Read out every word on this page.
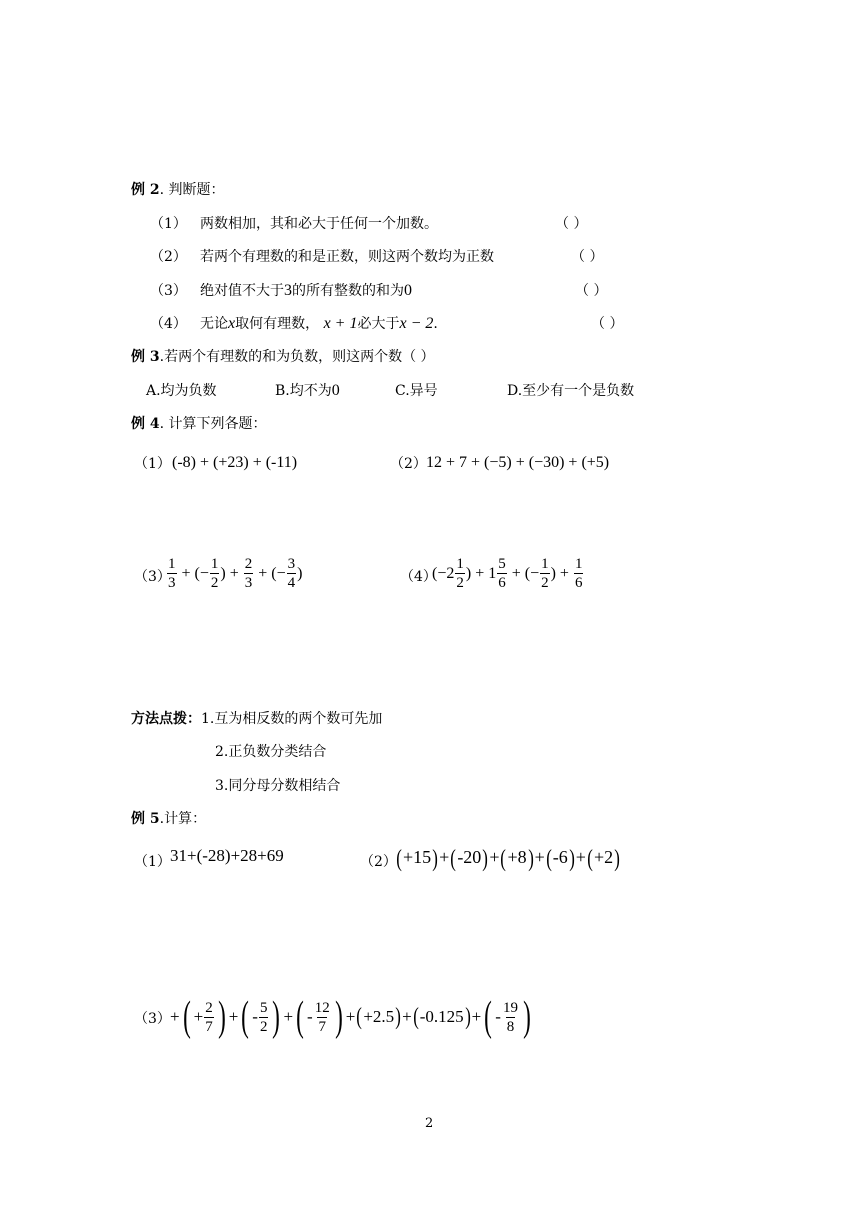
例 2. 判断题：
（1） 两数相加，其和必大于任何一个加数。	（ ）
（2） 若两个有理数的和是正数，则这两个数均为正数	（ ）
（3） 绝对值不大于3的所有整数的和为0	（ ）
（4） 无论x取何有理数， x + 1必大于x − 2.	（ ）
例 3.若两个有理数的和为负数，则这两个数（ ）
A.均为负数	B.均不为0	C.异号	D.至少有一个是负数
例 4. 计算下列各题：
（1） (-8) + (+23) + (-11)	（2） 12 + 7 + (−5) + (−30) + (+5)
（3）
$\frac{1}{3}$ + (− $\frac{1}{2}$ ) + $\frac{2}{3}$ + (− $\frac{3}{4}$ )	（4）
($-2 \frac{1}{2}$ ) + $1 \frac{5}{6}$ + (− $\frac{1}{2}$ ) + $\frac{1}{6}$
方法点拨：1.互为相反数的两个数可先加
2.正负数分类结合
3.同分母分数相结合
例 5.计算：
（1） 31+(-28)+28+69	（2） (+15)+(-20)+(+8)+(-6)+(+2)
（3） + ( + $\frac{2}{7}$ ) + ( - $\frac{5}{2}$ ) + ( - $\frac{12}{7}$ ) + ( +2.5 ) + ( -0.125 ) + ( - $\frac{19}{8}$ )
2
